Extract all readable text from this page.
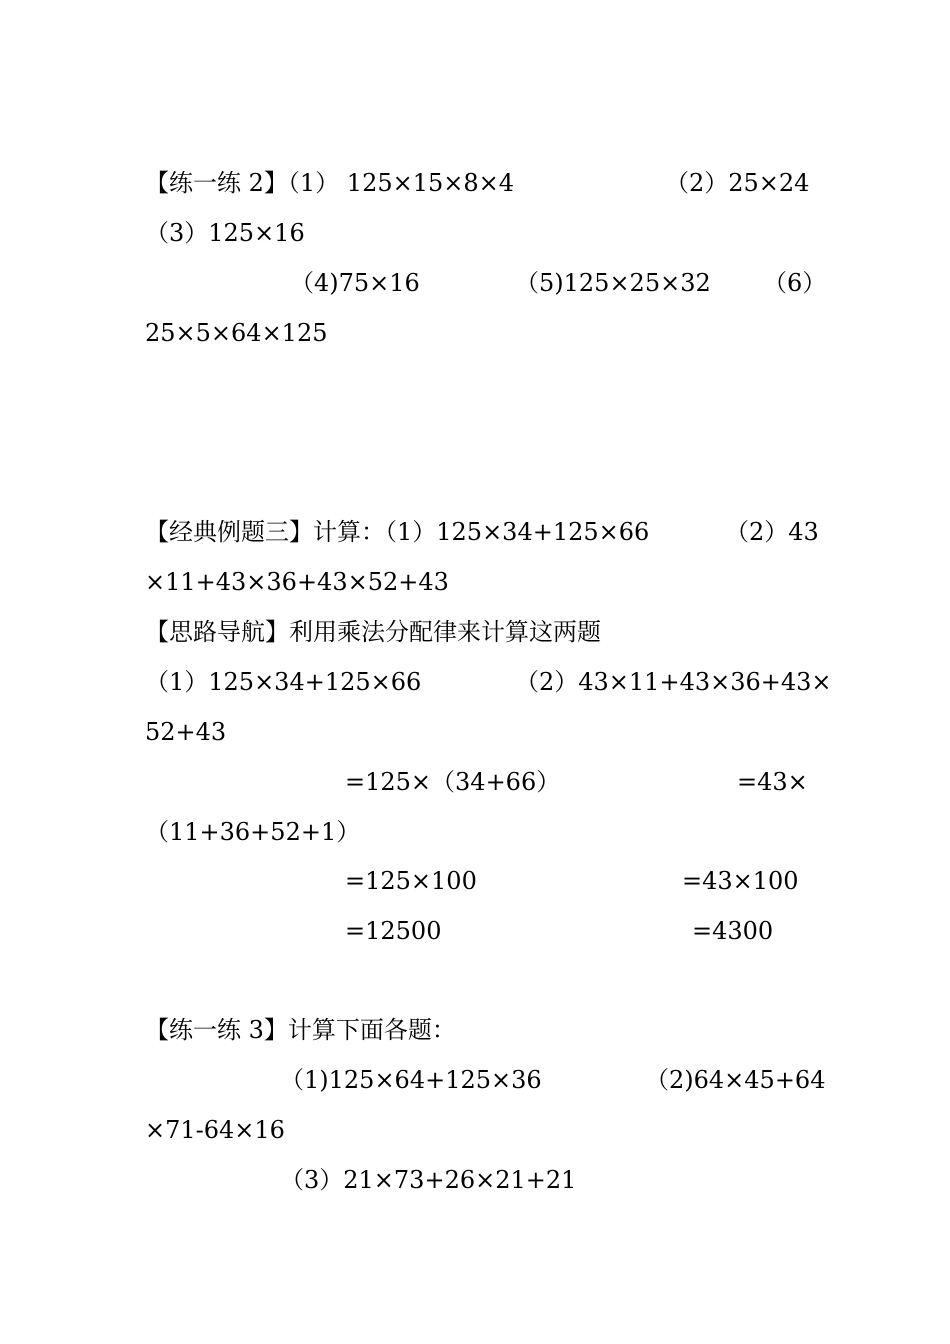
【练一练 2】（1） 125×15×8×4	（2）25×24
（3）125×16
（4)75×16	（5)125×25×32 （6）
25×5×64×125
【经典例题三】计算：（1）125×34+125×66	（2）43
×11+43×36+43×52+43
【思路导航】利用乘法分配律来计算这两题
（1）125×34+125×66	（2）43×11+43×36+43×
52+43
=125×（34+66）	=43×
（11+36+52+1）
=125×100	=43×100
=12500	=4300
【练一练 3】计算下面各题：
（1)125×64+125×36	（2)64×45+64
×71-64×16
（3）21×73+26×21+21
